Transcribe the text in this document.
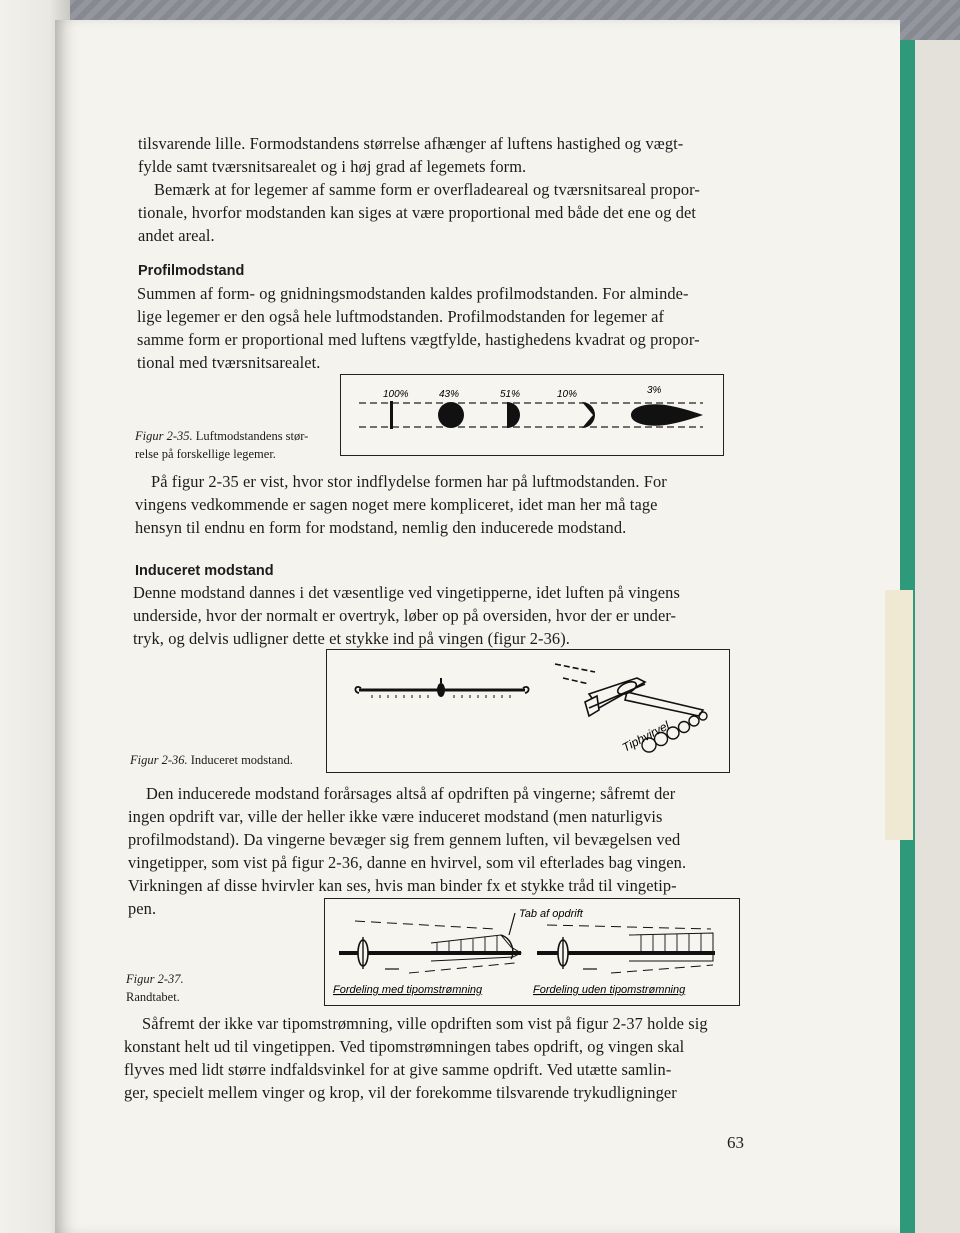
tilsvarende lille. Formodstandens størrelse afhænger af luftens hastighed og vægt-
fylde samt tværsnitsarealet og i høj grad af legemets form.
Bemærk at for legemer af samme form er overfladeareal og tværsnitsareal propor-
tionale, hvorfor modstanden kan siges at være proportional med både det ene og det
andet areal.
Profilmodstand
Summen af form- og gnidningsmodstanden kaldes profilmodstanden. For alminde-
lige legemer er den også hele luftmodstanden. Profilmodstanden for legemer af
samme form er proportional med luftens vægtfylde, hastighedens kvadrat og propor-
tional med tværsnitsarealet.
Figur 2-35. Luftmodstandens stør-
relse på forskellige legemer.
100%	43%	51%	10%	3%
På figur 2-35 er vist, hvor stor indflydelse formen har på luftmodstanden. For
vingens vedkommende er sagen noget mere kompliceret, idet man her må tage
hensyn til endnu en form for modstand, nemlig den inducerede modstand.
Induceret modstand
Denne modstand dannes i det væsentlige ved vingetipperne, idet luften på vingens
underside, hvor der normalt er overtryk, løber op på oversiden, hvor der er under-
tryk, og delvis udligner dette et stykke ind på vingen (figur 2-36).
Figur 2-36. Induceret modstand.
Tiphvirvel
Den inducerede modstand forårsages altså af opdriften på vingerne; såfremt der
ingen opdrift var, ville der heller ikke være induceret modstand (men naturligvis
profilmodstand). Da vingerne bevæger sig frem gennem luften, vil bevægelsen ved
vingetipper, som vist på figur 2-36, danne en hvirvel, som vil efterlades bag vingen.
Virkningen af disse hvirvler kan ses, hvis man binder fx et stykke tråd til vingetip-
pen.
Figur 2-37.
Randtabet.
Tab af opdrift
Fordeling med tipomstrømning	Fordeling uden tipomstrømning
Såfremt der ikke var tipomstrømning, ville opdriften som vist på figur 2-37 holde sig
konstant helt ud til vingetippen. Ved tipomstrømningen tabes opdrift, og vingen skal
flyves med lidt større indfaldsvinkel for at give samme opdrift. Ved utætte samlin-
ger, specielt mellem vinger og krop, vil der forekomme tilsvarende trykudligninger
63
